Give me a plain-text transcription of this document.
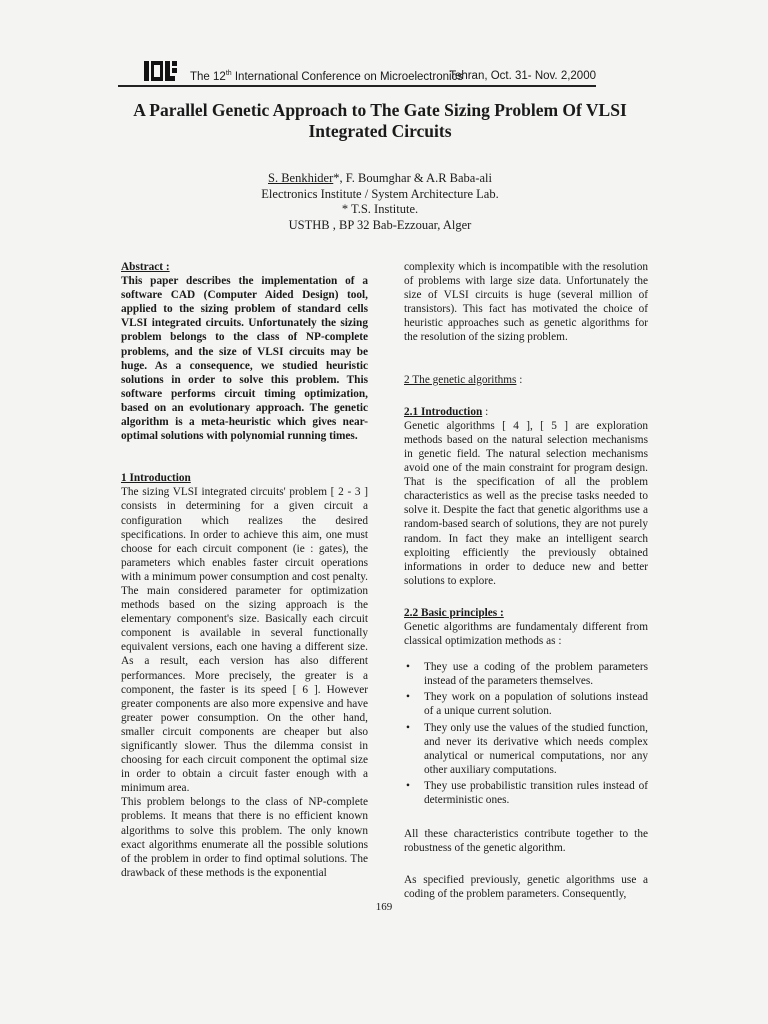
The 12th International Conference on Microelectronics
Tehran, Oct. 31- Nov. 2,2000
A Parallel Genetic Approach to The Gate Sizing Problem Of VLSI
Integrated Circuits
S. Benkhider*, F. Boumghar & A.R Baba-ali
Electronics Institute / System Architecture Lab.
* T.S. Institute.
USTHB , BP 32 Bab-Ezzouar, Alger

Abstract :

This paper describes the implementation of a software CAD (Computer Aided Design) tool, applied to the sizing problem of standard cells VLSI integrated circuits. Unfortunately the sizing problem belongs to the class of NP-complete problems, and the size of VLSI circuits may be huge. As a consequence, we studied heuristic solutions in order to solve this problem. This software performs circuit timing optimization, based on an evolutionary approach. The genetic algorithm is a meta-heuristic which gives near-optimal solutions with polynomial running times.

1 Introduction

The sizing VLSI integrated circuits' problem [ 2 - 3 ] consists in determining for a given circuit a configuration which realizes the desired specifications. In order to achieve this aim, one must choose for each circuit component (ie : gates), the parameters which enables faster circuit operations with a minimum power consumption and cost penalty. The main considered parameter for optimization methods based on the sizing approach is the elementary component's size. Basically each circuit component is available in several functionally equivalent versions, each one having a different size. As a result, each version has also different performances. More precisely, the greater is a component, the faster is its speed [ 6 ]. However greater components are also more expensive and have greater power consumption. On the other hand, smaller circuit components are cheaper but also significantly slower. Thus the dilemma consist in choosing for each circuit component the optimal size in order to obtain a circuit faster enough with a minimum area.

This problem belongs to the class of NP-complete problems. It means that there is no efficient known algorithms to solve this problem. The only known exact algorithms enumerate all the possible solutions of the problem in order to find optimal solutions. The drawback of these methods is the exponential

complexity which is incompatible with the resolution of problems with large size data. Unfortunately the size of VLSI circuits is huge (several million of transistors). This fact has motivated the choice of heuristic approaches such as genetic algorithms for the resolution of the sizing problem.

2 The genetic algorithms :

2.1 Introduction :

Genetic algorithms [ 4 ], [ 5 ] are exploration methods based on the natural selection mechanisms in genetic field. The natural selection mechanisms avoid one of the main constraint for program design. That is the specification of all the problem characteristics as well as the precise tasks needed to solve it. Despite the fact that genetic algorithms use a random-based search of solutions, they are not purely random. In fact they make an intelligent search exploiting efficiently the previously obtained informations in order to deduce new and better solutions to explore.

2.2 Basic principles :

Genetic algorithms are fundamentaly different from classical optimization methods as :

• They use a coding of the problem parameters instead of the parameters themselves.
• They work on a population of solutions instead of a unique current solution.
• They only use the values of the studied function, and never its derivative which needs complex analytical or numerical computations, nor any other auxiliary computations.
• They use probabilistic transition rules instead of deterministic ones.

All these characteristics contribute together to the robustness of the genetic algorithm.

As specified previously, genetic algorithms use a coding of the problem parameters. Consequently,

169
